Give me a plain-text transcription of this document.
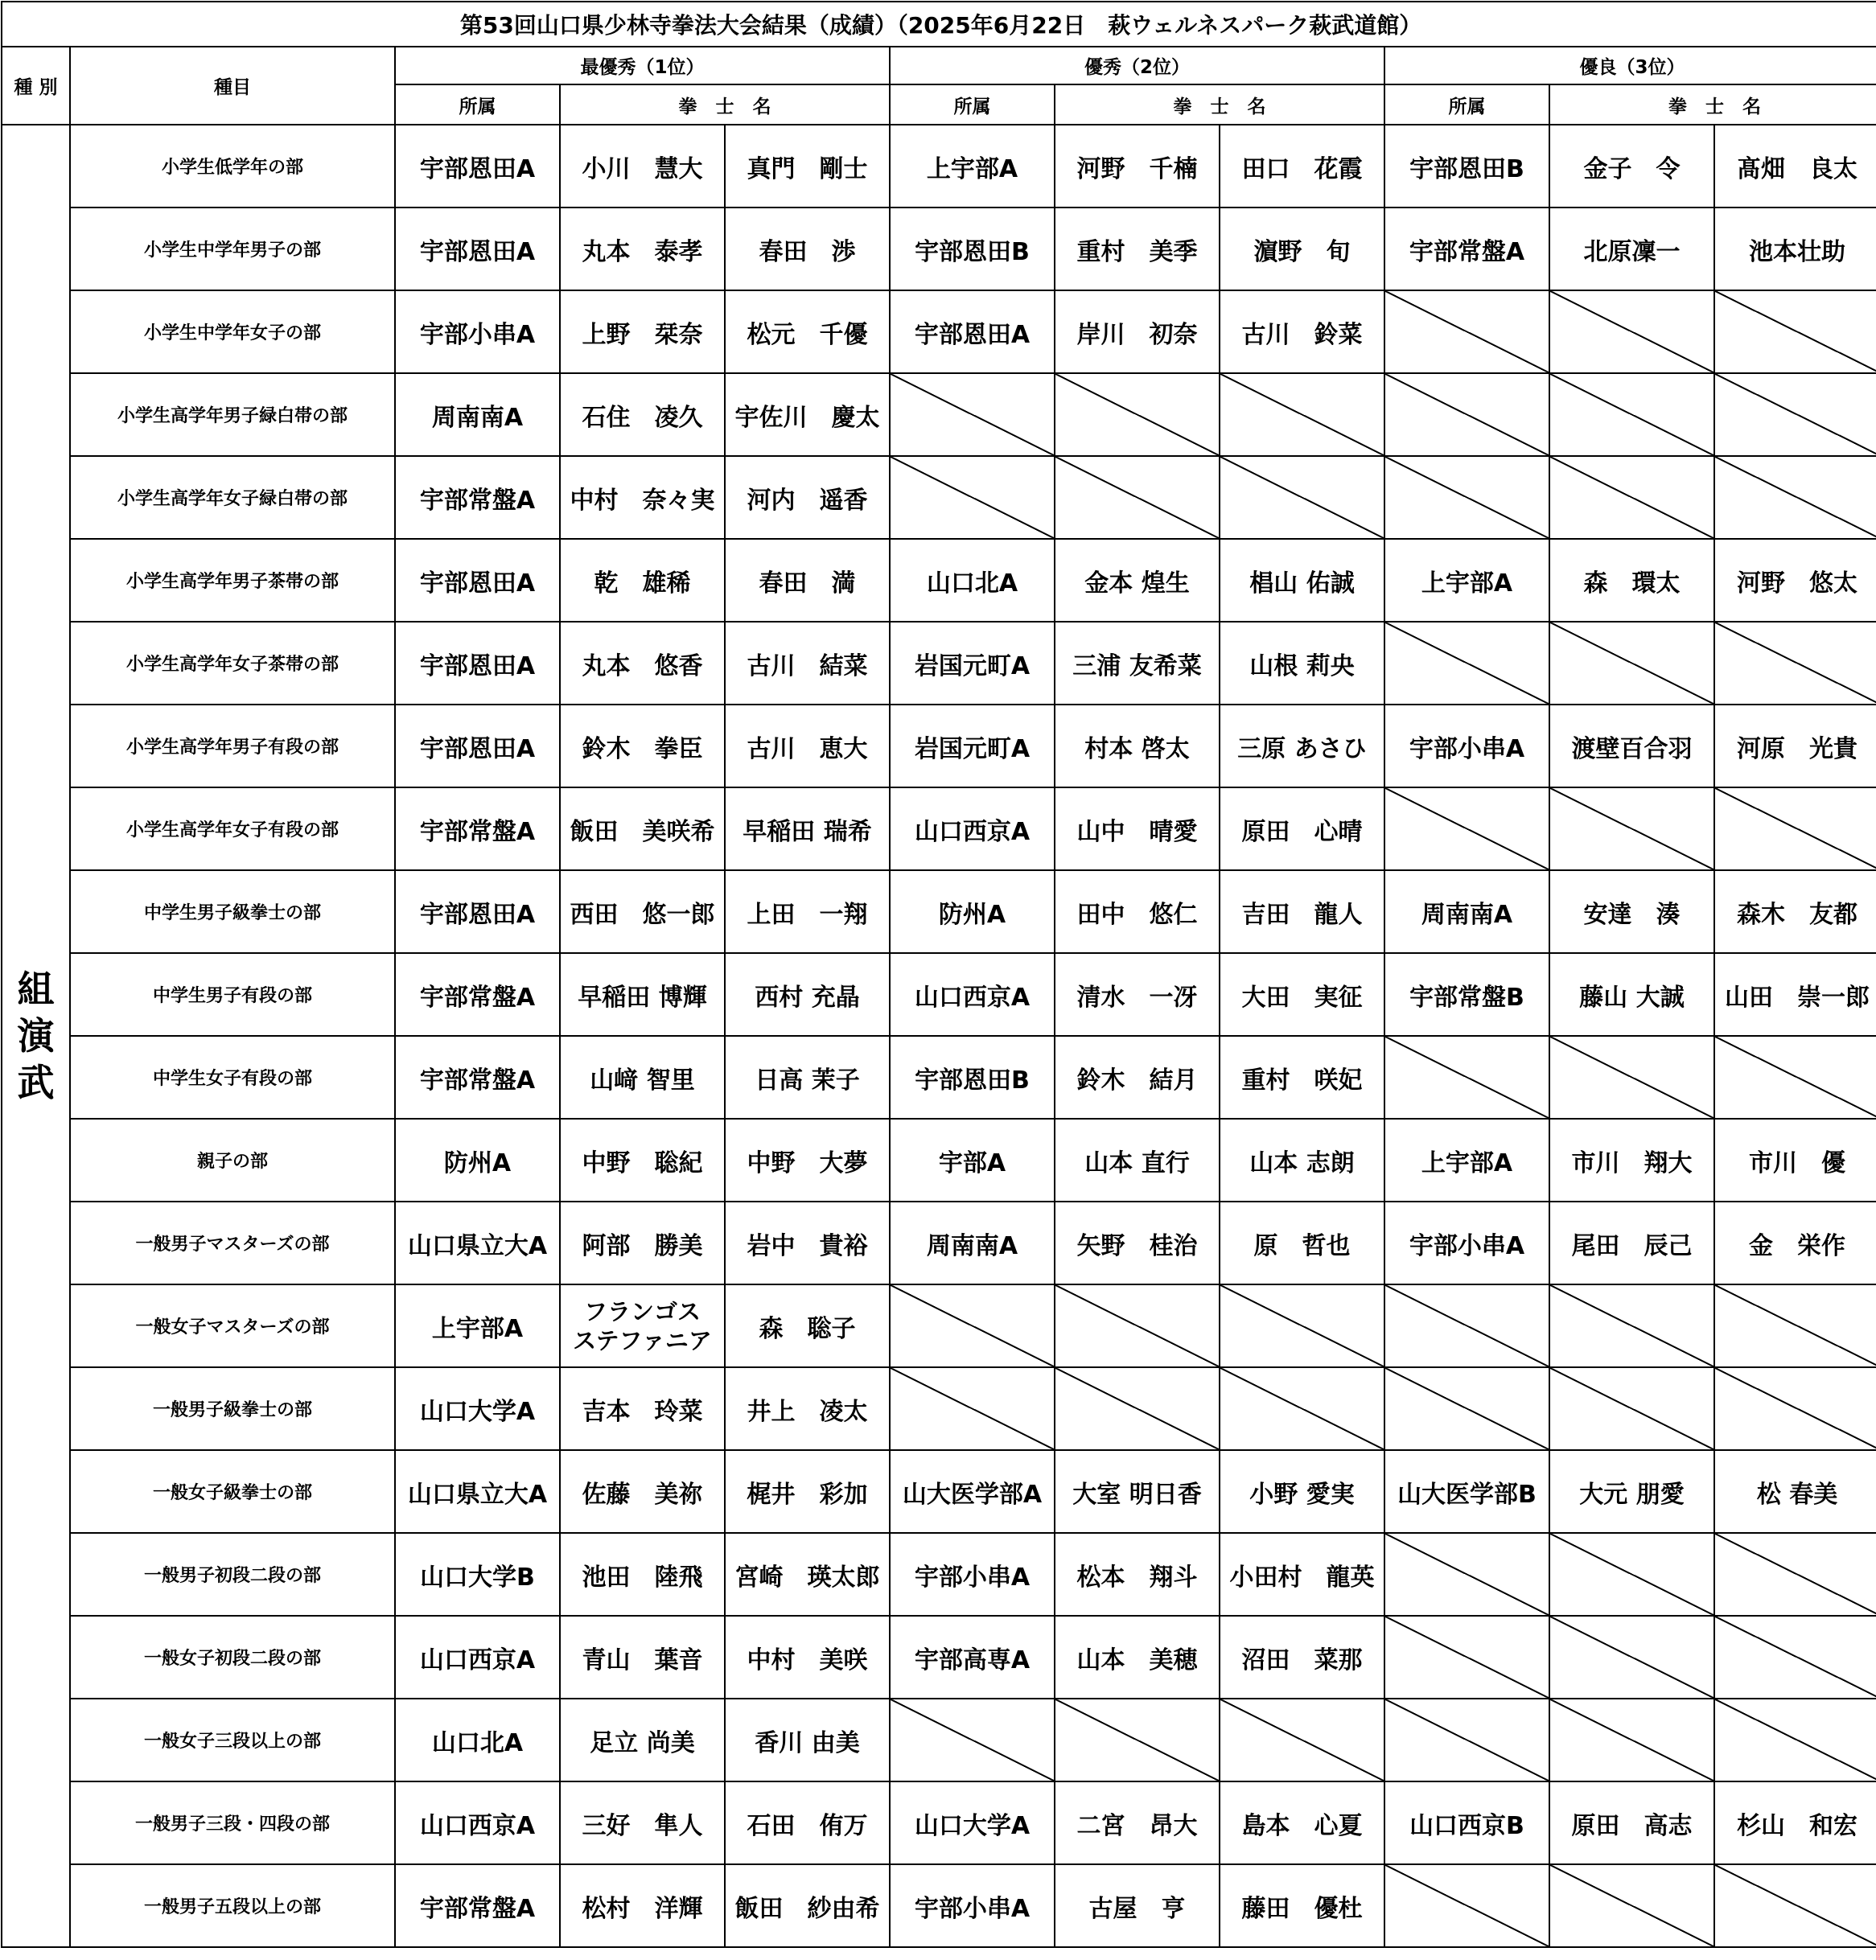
第53回山口県少林寺拳法大会結果（成績）（2025年6月22日　萩ウェルネスパーク萩武道館）										
種 別	種目	最優秀（1位）			優秀（2位）			優良（3位）		
		所属	拳　士　名		所属	拳　士　名		所属	拳　士　名	
組
演
武	小学生低学年の部	宇部恩田A	小川　慧大	真門　剛士	上宇部A	河野　千楠	田口　花霞	宇部恩田B	金子　令	髙畑　良太
	小学生中学年男子の部	宇部恩田A	丸本　泰孝	春田　渉	宇部恩田B	重村　美季	濵野　旬	宇部常盤A	北原凜一	池本壮助
	小学生中学年女子の部	宇部小串A	上野　栞奈	松元　千優	宇部恩田A	岸川　初奈	古川　鈴菜			
	小学生高学年男子緑白帯の部	周南南A	石住　凌久	宇佐川　慶太						
	小学生高学年女子緑白帯の部	宇部常盤A	中村　奈々実	河内　遥香						
	小学生高学年男子茶帯の部	宇部恩田A	乾　雄稀	春田　満	山口北A	金本 煌生	椙山 佑誠	上宇部A	森　環太	河野　悠太
	小学生高学年女子茶帯の部	宇部恩田A	丸本　悠香	古川　結菜	岩国元町A	三浦 友希菜	山根 莉央			
	小学生高学年男子有段の部	宇部恩田A	鈴木　拳臣	古川　恵大	岩国元町A	村本 啓太	三原 あさひ	宇部小串A	渡壁百合羽	河原　光貴
	小学生高学年女子有段の部	宇部常盤A	飯田　美咲希	早稲田 瑞希	山口西京A	山中　晴愛	原田　心晴			
	中学生男子級拳士の部	宇部恩田A	西田　悠一郎	上田　一翔	防州A	田中　悠仁	吉田　龍人	周南南A	安達　湊	森木　友都
	中学生男子有段の部	宇部常盤A	早稲田 博輝	西村 充晶	山口西京A	清水　一冴	大田　実征	宇部常盤B	藤山 大誠	山田　崇一郎
	中学生女子有段の部	宇部常盤A	山﨑 智里	日高 茉子	宇部恩田B	鈴木　結月	重村　咲妃			
	親子の部	防州A	中野　聡紀	中野　大夢	宇部A	山本 直行	山本 志朗	上宇部A	市川　翔大	市川　優
	一般男子マスターズの部	山口県立大A	阿部　勝美	岩中　貴裕	周南南A	矢野　桂治	原　哲也	宇部小串A	尾田　辰己	金　栄作
	一般女子マスターズの部	上宇部A	フランゴス
ステファニア	森　聡子						
	一般男子級拳士の部	山口大学A	吉本　玲菜	井上　凌太						
	一般女子級拳士の部	山口県立大A	佐藤　美祢	梶井　彩加	山大医学部A	大室 明日香	小野 愛実	山大医学部B	大元 朋愛	松 春美
	一般男子初段二段の部	山口大学B	池田　陸飛	宮崎　瑛太郎	宇部小串A	松本　翔斗	小田村　龍英			
	一般女子初段二段の部	山口西京A	青山　葉音	中村　美咲	宇部高専A	山本　美穂	沼田　菜那			
	一般女子三段以上の部	山口北A	足立 尚美	香川 由美						
	一般男子三段・四段の部	山口西京A	三好　隼人	石田　侑万	山口大学A	二宮　昂大	島本　心夏	山口西京B	原田　高志	杉山　和宏
	一般男子五段以上の部	宇部常盤A	松村　洋輝	飯田　紗由希	宇部小串A	古屋　亨	藤田　優杜			
